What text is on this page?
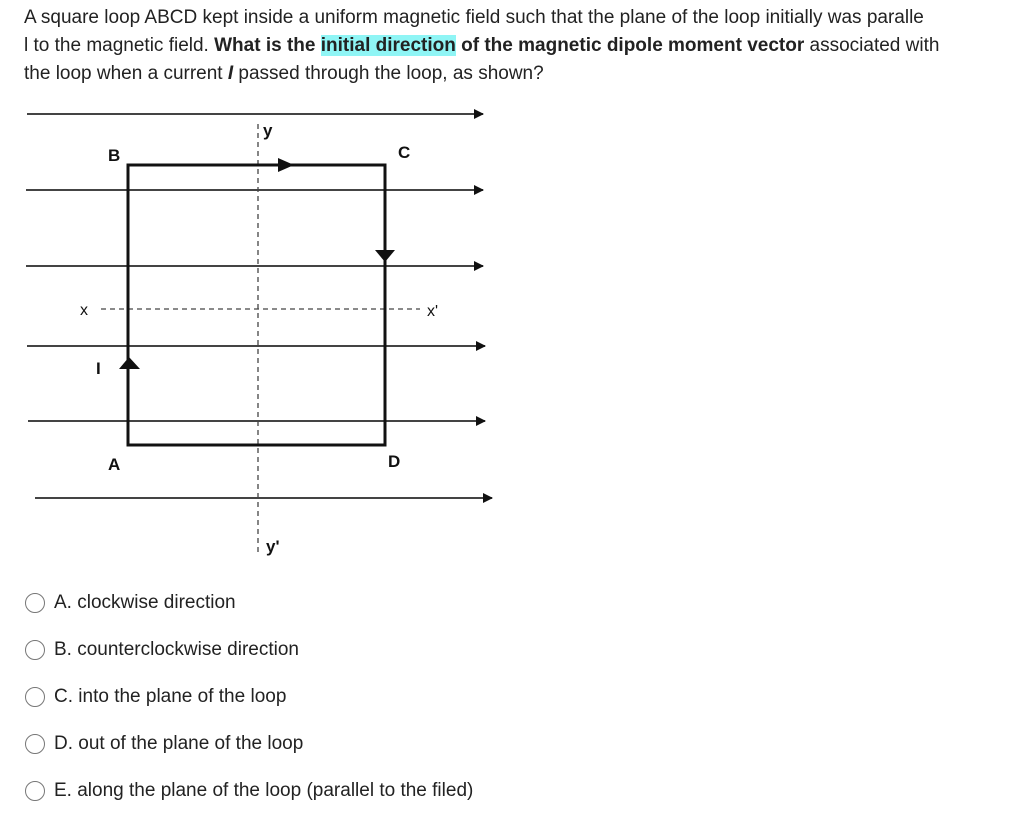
A square loop ABCD kept inside a uniform magnetic field such that the plane of the loop initially was paralle
l to the magnetic field. What is the initial direction of the magnetic dipole moment vector associated with
the loop when a current I passed through the loop, as shown?
B	C
A	D
I
x	x'
y
y'
A. clockwise direction
B. counterclockwise direction
C. into the plane of the loop
D. out of the plane of the loop
E. along the plane of the loop (parallel to the filed)
